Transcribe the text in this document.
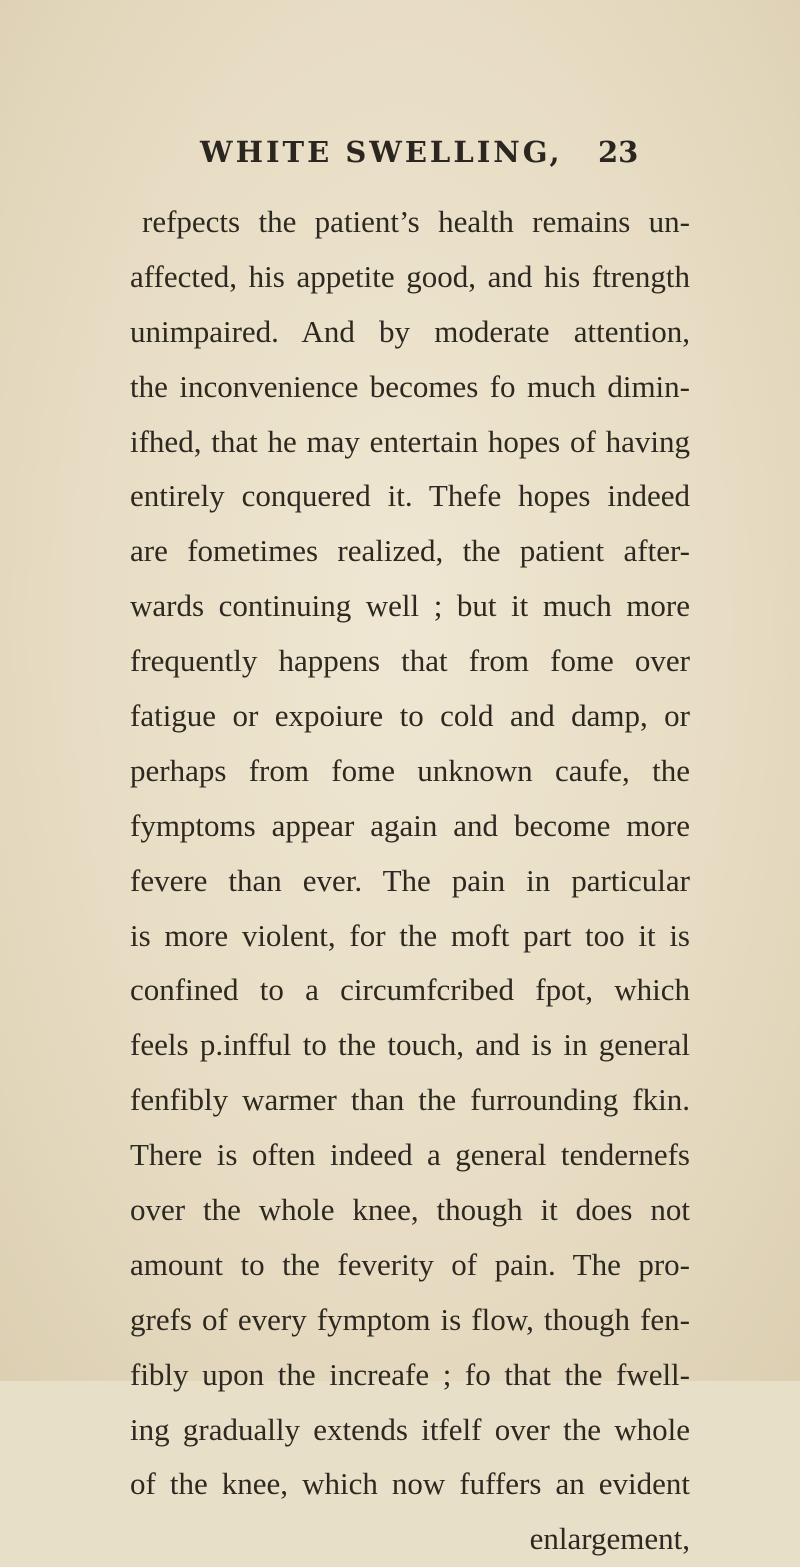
WHITE SWELLING, 23
refpects the patient’s health remains un-
affected, his appetite good, and his ftrength
unimpaired. And by moderate attention,
the inconvenience becomes fo much dimin-
ifhed, that he may entertain hopes of having
entirely conquered it. Thefe hopes indeed
are fometimes realized, the patient after-
wards continuing well ; but it much more
frequently happens that from fome over
fatigue or expoiure to cold and damp, or
perhaps from fome unknown caufe, the
fymptoms appear again and become more
fevere than ever. The pain in particular
is more violent, for the moft part too it is
confined to a circumfcribed fpot, which
feels p.infful to the touch, and is in general
fenfibly warmer than the furrounding fkin.
There is often indeed a general tendernefs
over the whole knee, though it does not
amount to the feverity of pain. The pro-
grefs of every fymptom is flow, though fen-
fibly upon the increafe ; fo that the fwell-
ing gradually extends itfelf over the whole
of the knee, which now fuffers an evident
enlargement,
